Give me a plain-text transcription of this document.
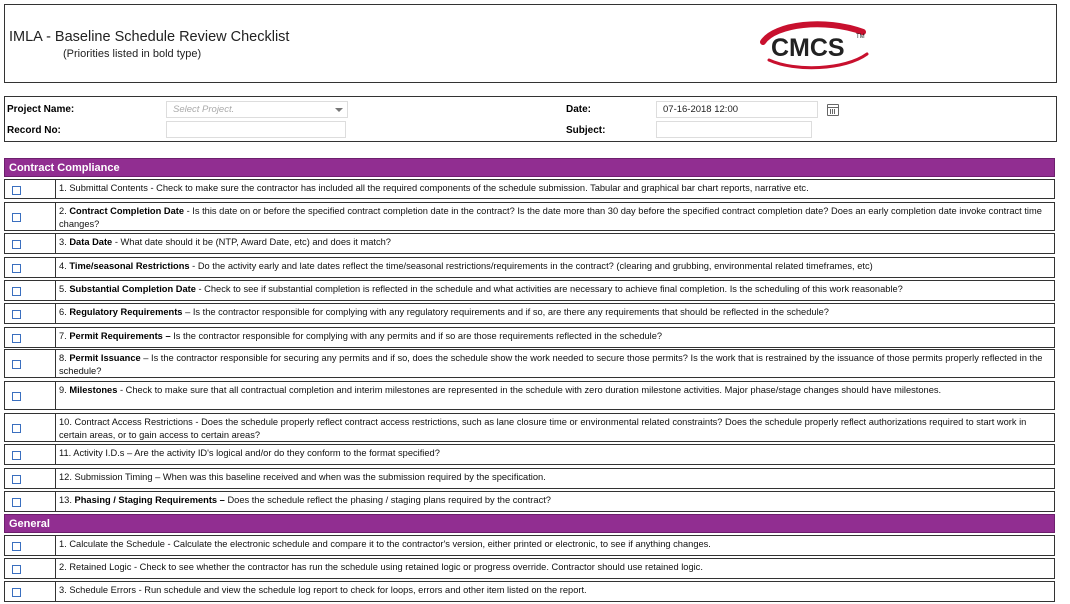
IMLA - Baseline Schedule Review Checklist
(Priorities listed in bold type)	CMCS TM
Project Name:	Select Project.
Record No:
Date:	07-16-2018 12:00
Subject:
Contract Compliance
General
1. Submittal Contents - Check to make sure the contractor has included all the required components of the schedule submission. Tabular and graphical bar chart reports, narrative etc.
2. Contract Completion Date - Is this date on or before the specified contract completion date in the contract? Is the date more than 30 day before the specified contract completion date? Does an early completion date invoke contract time changes?
3. Data Date - What date should it be (NTP, Award Date, etc) and does it match?
4. Time/seasonal Restrictions - Do the activity early and late dates reflect the time/seasonal restrictions/requirements in the contract? (clearing and grubbing, environmental related timeframes, etc)
5. Substantial Completion Date - Check to see if substantial completion is reflected in the schedule and what activities are necessary to achieve final completion. Is the scheduling of this work reasonable?
6. Regulatory Requirements – Is the contractor responsible for complying with any regulatory requirements and if so, are there any requirements that should be reflected in the schedule?
7. Permit Requirements – Is the contractor responsible for complying with any permits and if so are those requirements reflected in the schedule?
8. Permit Issuance – Is the contractor responsible for securing any permits and if so, does the schedule show the work needed to secure those permits? Is the work that is restrained by the issuance of those permits properly reflected in the schedule?
9. Milestones - Check to make sure that all contractual completion and interim milestones are represented in the schedule with zero duration milestone activities. Major phase/stage changes should have milestones.
10. Contract Access Restrictions - Does the schedule properly reflect contract access restrictions, such as lane closure time or environmental related constraints? Does the schedule properly reflect authorizations required to start work in certain areas, or to gain access to certain areas?
11. Activity I.D.s – Are the activity ID's logical and/or do they conform to the format specified?
12. Submission Timing – When was this baseline received and when was the submission required by the specification.
13. Phasing / Staging Requirements – Does the schedule reflect the phasing / staging plans required by the contract?
1. Calculate the Schedule - Calculate the electronic schedule and compare it to the contractor's version, either printed or electronic, to see if anything changes.
2. Retained Logic - Check to see whether the contractor has run the schedule using retained logic or progress override. Contractor should use retained logic.
3. Schedule Errors - Run schedule and view the schedule log report to check for loops, errors and other item listed on the report.
